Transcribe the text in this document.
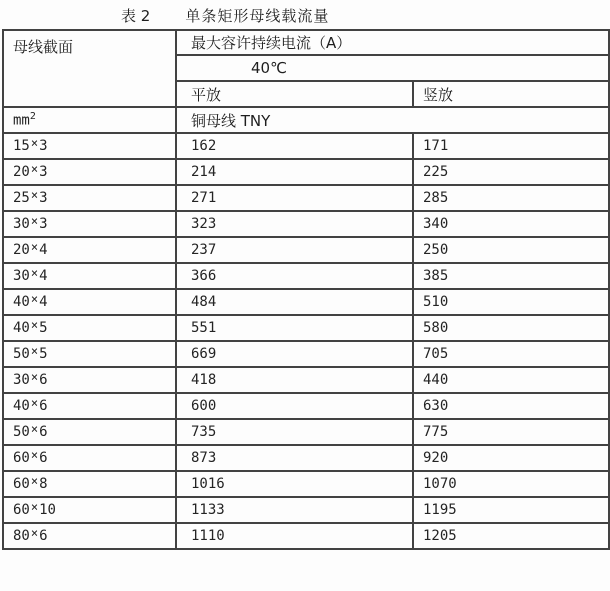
表 2 单条矩形母线载流量
母线截面	最大容许持续电流（A）	
	40℃	
	平放	竖放
$mm^2$	铜母线 TNY	
15×3	162	171
20×3	214	225
25×3	271	285
30×3	323	340
20×4	237	250
30×4	366	385
40×4	484	510
40×5	551	580
50×5	669	705
30×6	418	440
40×6	600	630
50×6	735	775
60×6	873	920
60×8	1016	1070
60×10	1133	1195
80×6	1110	1205
